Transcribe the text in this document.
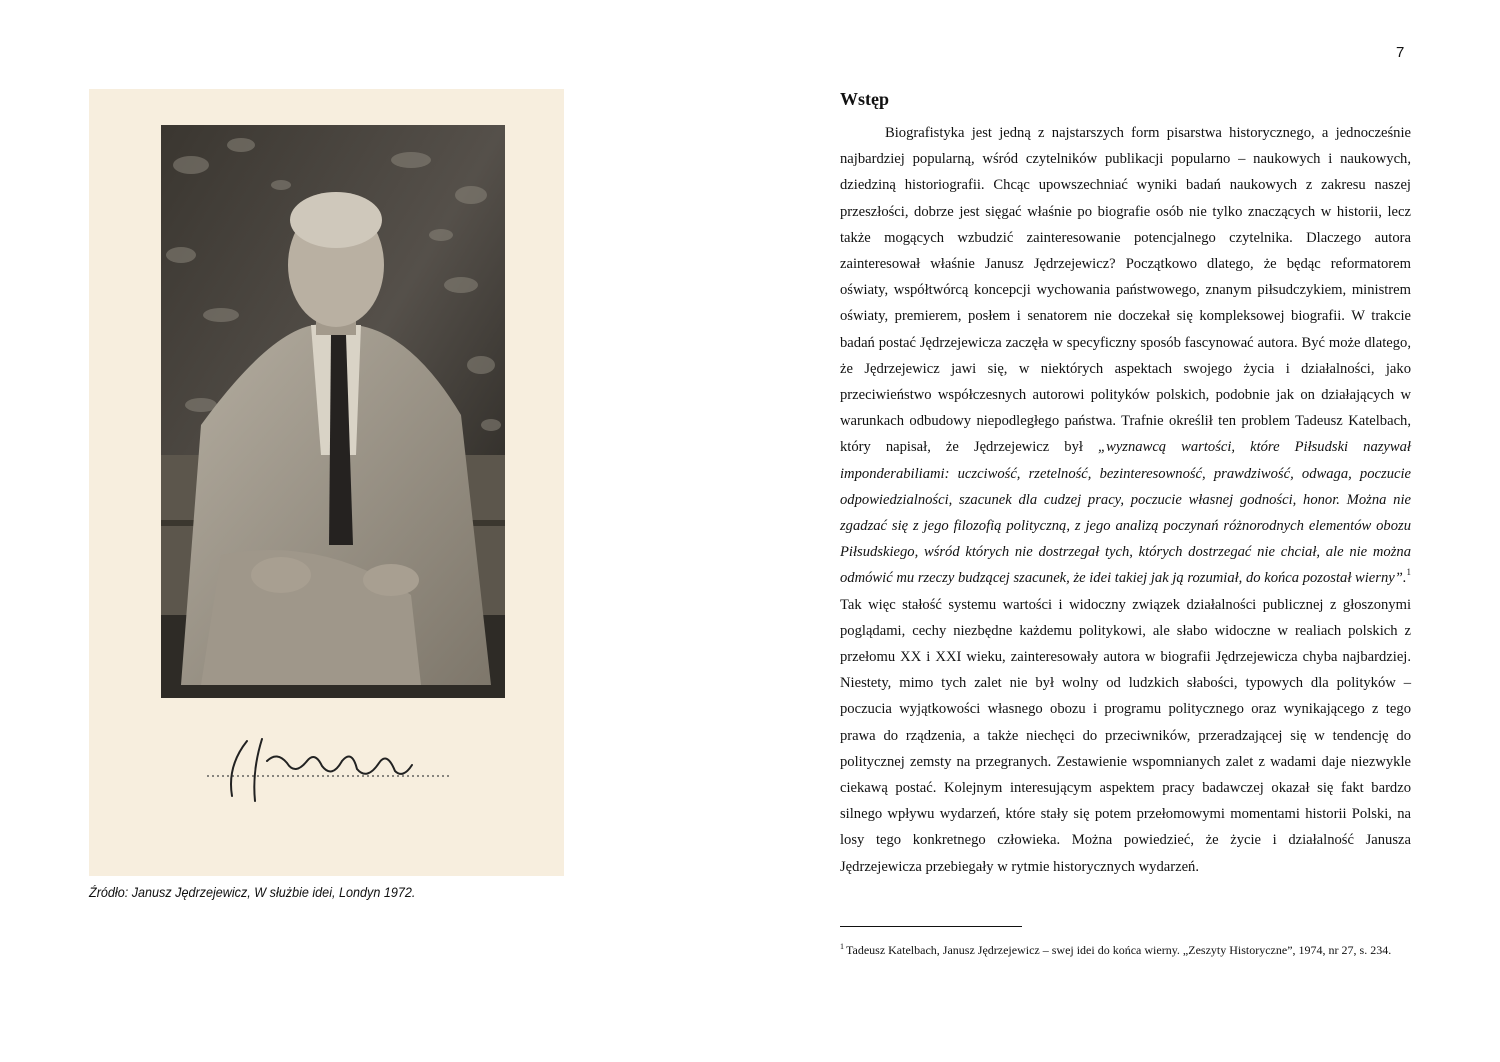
7
Źródło: Janusz Jędrzejewicz, W służbie idei, Londyn 1972.
Wstęp

Biografistyka jest jedną z najstarszych form pisarstwa historycznego, a jednocześnie najbardziej popularną, wśród czytelników publikacji popularno – naukowych i naukowych, dziedziną historiografii. Chcąc upowszechniać wyniki badań naukowych z zakresu naszej przeszłości, dobrze jest sięgać właśnie po biografie osób nie tylko znaczących w historii, lecz także mogących wzbudzić zainteresowanie potencjalnego czytelnika. Dlaczego autora zainteresował właśnie Janusz Jędrzejewicz? Początkowo dlatego, że będąc reformatorem oświaty, współtwórcą koncepcji wychowania państwowego, znanym piłsudczykiem, ministrem oświaty, premierem, posłem i senatorem nie doczekał się kompleksowej biografii. W trakcie badań postać Jędrzejewicza zaczęła w specyficzny sposób fascynować autora. Być może dlatego, że Jędrzejewicz jawi się, w niektórych aspektach swojego życia i działalności, jako przeciwieństwo współczesnych autorowi polityków polskich, podobnie jak on działających w warunkach odbudowy niepodległego państwa. Trafnie określił ten problem Tadeusz Katelbach, który napisał, że Jędrzejewicz był „wyznawcą wartości, które Piłsudski nazywał imponderabiliami: uczciwość, rzetelność, bezinteresowność, prawdziwość, odwaga, poczucie odpowiedzialności, szacunek dla cudzej pracy, poczucie własnej godności, honor. Można nie zgadzać się z jego filozofią polityczną, z jego analizą poczynań różnorodnych elementów obozu Piłsudskiego, wśród których nie dostrzegał tych, których dostrzegać nie chciał, ale nie można odmówić mu rzeczy budzącej szacunek, że idei takiej jak ją rozumiał, do końca pozostał wierny”.$^1$ Tak więc stałość systemu wartości i widoczny związek działalności publicznej z głoszonymi poglądami, cechy niezbędne każdemu politykowi, ale słabo widoczne w realiach polskich z przełomu XX i XXI wieku, zainteresowały autora w biografii Jędrzejewicza chyba najbardziej. Niestety, mimo tych zalet nie był wolny od ludzkich słabości, typowych dla polityków – poczucia wyjątkowości własnego obozu i programu politycznego oraz wynikającego z tego prawa do rządzenia, a także niechęci do przeciwników, przeradzającej się w tendencję do politycznej zemsty na przegranych. Zestawienie wspomnianych zalet z wadami daje niezwykle ciekawą postać. Kolejnym interesującym aspektem pracy badawczej okazał się fakt bardzo silnego wpływu wydarzeń, które stały się potem przełomowymi momentami historii Polski, na losy tego konkretnego człowieka. Można powiedzieć, że życie i działalność Janusza Jędrzejewicza przebiegały w rytmie historycznych wydarzeń.

$^1$ Tadeusz Katelbach, Janusz Jędrzejewicz – swej idei do końca wierny. „Zeszyty Historyczne”, 1974, nr 27, s. 234.
